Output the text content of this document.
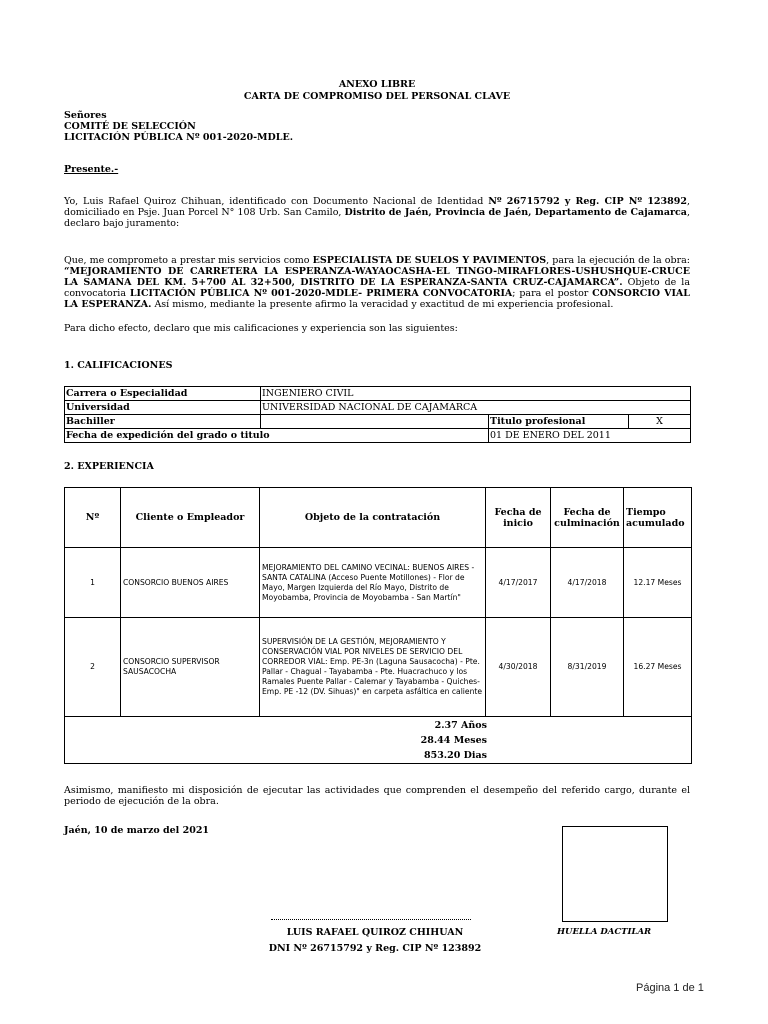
ANEXO LIBRE
CARTA DE COMPROMISO DEL PERSONAL CLAVE
Señores
COMITÉ DE SELECCIÓN
LICITACIÓN PÚBLICA Nº 001-2020-MDLE.
Presente.-
Yo, Luis Rafael Quiroz Chihuan, identificado con Documento Nacional de Identidad Nº 26715792 y Reg. CIP Nº 123892, domiciliado en Psje. Juan Porcel N° 108 Urb. San Camilo, Distrito de Jaén, Provincia de Jaén, Departamento de Cajamarca, declaro bajo juramento:
Que, me comprometo a prestar mis servicios como ESPECIALISTA DE SUELOS Y PAVIMENTOS, para la ejecución de la obra: “MEJORAMIENTO DE CARRETERA LA ESPERANZA-WAYAOCASHA-EL TINGO-MIRAFLORES-USHUSHQUE-CRUCE LA SAMANA DEL KM. 5+700 AL 32+500, DISTRITO DE LA ESPERANZA-SANTA CRUZ-CAJAMARCA”. Objeto de la convocatoria LICITACIÓN PÚBLICA Nº 001-2020-MDLE- PRIMERA CONVOCATORIA; para el postor CONSORCIO VIAL LA ESPERANZA. Así mismo, mediante la presente afirmo la veracidad y exactitud de mi experiencia profesional.
Para dicho efecto, declaro que mis calificaciones y experiencia son las siguientes:
1. CALIFICACIONES
Carrera o Especialidad	INGENIERO CIVIL		
Universidad	UNIVERSIDAD NACIONAL DE CAJAMARCA		
Bachiller		Titulo profesional	X
Fecha de expedición del grado o titulo		01 DE ENERO DEL 2011	
2. EXPERIENCIA
Nº	Cliente o Empleador	Objeto de la contratación	Fecha de inicio	Fecha de culminación	Tiempo acumulado
1	CONSORCIO BUENOS AIRES	MEJORAMIENTO DEL CAMINO VECINAL: BUENOS AIRES - SANTA CATALINA (Acceso Puente Motillones) - Flor de Mayo, Margen Izquierda del Río Mayo, Distrito de Moyobamba, Provincia de Moyobamba - San Martín"	4/17/2017	4/17/2018	12.17 Meses
2	CONSORCIO SUPERVISOR SAUSACOCHA	SUPERVISIÓN DE LA GESTIÓN, MEJORAMIENTO Y CONSERVACIÓN VIAL POR NIVELES DE SERVICIO DEL CORREDOR VIAL: Emp. PE-3n (Laguna Sausacocha) - Pte. Pallar - Chagual - Tayabamba - Pte. Huacrachuco y los Ramales Puente Pallar - Calemar y Tayabamba - Quiches- Emp. PE -12 (DV. Sihuas)" en carpeta asfáltica en caliente	4/30/2018	8/31/2019	16.27 Meses

2.37 Años
28.44 Meses
853.20 Dias					
Asimismo, manifiesto mi disposición de ejecutar las actividades que comprenden el desempeño del referido cargo, durante el periodo de ejecución de la obra.
Jaén, 10 de marzo del 2021
HUELLA DACTILAR
LUIS RAFAEL QUIROZ CHIHUAN
DNI Nº 26715792 y Reg. CIP Nº 123892
Página 1 de 1
